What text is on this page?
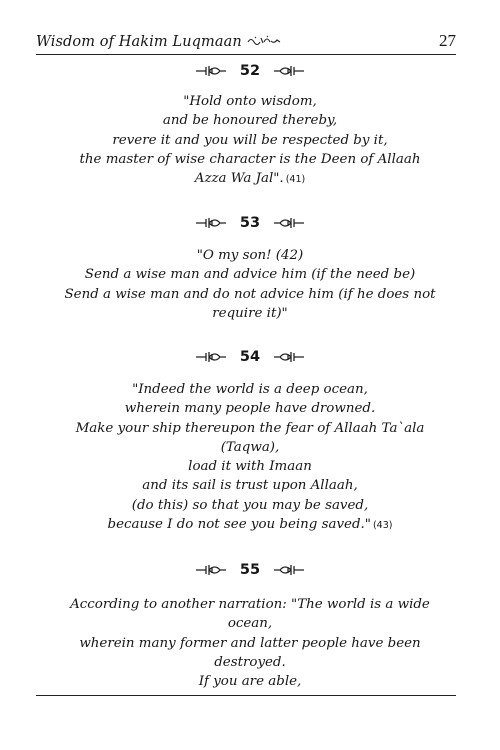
Wisdom of Hakim Luqmaan	27
52
"Hold onto wisdom,
and be honoured thereby,
revere it and you will be respected by it,
the master of wise character is the Deen of Allaah
Azza Wa Jal". (41)
53
"O my son! (42)
Send a wise man and advice him (if the need be)
Send a wise man and do not advice him (if he does not
require it)"
54
"Indeed the world is a deep ocean,
wherein many people have drowned.
Make your ship thereupon the fear of Allaah Ta`ala
(Taqwa),
load it with Imaan
and its sail is trust upon Allaah,
(do this) so that you may be saved,
because I do not see you being saved." (43)
55
According to another narration: "The world is a wide
ocean,
wherein many former and latter people have been
destroyed.
If you are able,
